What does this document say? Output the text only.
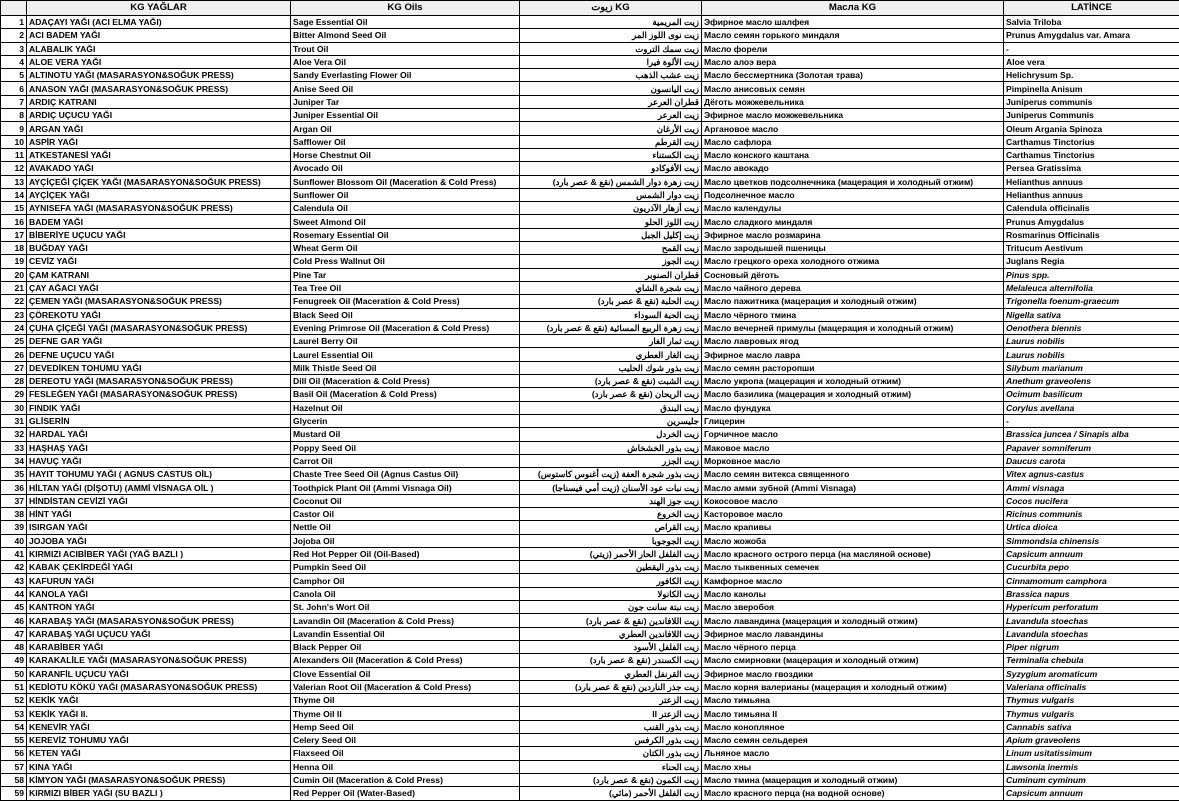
	KG YAĞLAR	KG Oils	زيوت KG	Масла KG	LATİNCE
1	ADAÇAYI YAĞI (ACI ELMA YAĞI)	Sage Essential Oil	زيت المريمية	Эфирное масло шалфея	Salvia Triloba
2	ACI BADEM YAĞI	Bitter Almond Seed Oil	زيت نوى اللوز المر	Масло семян горького миндаля	Prunus Amygdalus var. Amara
3	ALABALIK YAĞI	Trout Oil	زيت سمك التروت	Масло форели	-
4	ALOE VERA YAĞI	Aloe Vera Oil	زيت الألوة فيرا	Масло алоэ вера	Aloe vera
5	ALTINOTU YAĞI (MASARASYON&SOĞUK PRESS)	Sandy Everlasting Flower Oil	زيت عشب الذهب	Масло бессмертника (Золотая трава)	Helichrysum Sp.
6	ANASON YAĞI (MASARASYON&SOĞUK PRESS)	Anise Seed Oil	زيت اليانسون	Масло анисовых семян	Pimpinella Anisum
7	ARDIÇ KATRANI	Juniper Tar	قطران العرعر	Дёготь можжевельника	Juniperus communis
8	ARDIÇ UÇUCU YAĞI	Juniper Essential Oil	زيت العرعر	Эфирное масло можжевельника	Juniperus Communis
9	ARGAN YAĞI	Argan Oil	زيت الأرغان	Аргановое масло	Oleum Argania Spinoza
10	ASPİR YAĞI	Safflower Oil	زيت القرطم	Масло сафлора	Carthamus Tinctorius
11	ATKESTANESİ YAĞI	Horse Chestnut Oil	زيت الكستناء	Масло конского каштана	Carthamus Tinctorius
12	AVAKADO YAĞI	Avocado Oil	زيت الأفوكادو	Масло авокадо	Persea Gratissima
13	AYÇİÇEĞİ ÇİÇEK YAĞI (MASARASYON&SOĞUK PRESS)	Sunflower Blossom Oil (Maceration & Cold Press)	زيت زهرة دوار الشمس (نقع & عصر بارد)	Масло цветков подсолнечника (мацерация и холодный отжим)	Helianthus annuus
14	AYÇİÇEK YAĞI	Sunflower Oil	زيت دوار الشمس	Подсолнечное масло	Helianthus annuus
15	AYNISEFA YAĞI (MASARASYON&SOĞUK PRESS)	Calendula Oil	زيت أزهار الآذريون	Масло календулы	Calendula officinalis
16	BADEM YAĞI	Sweet Almond Oil	زيت اللوز الحلو	Масло сладкого миндаля	Prunus Amygdalus
17	BİBERİYE UÇUCU YAĞI	Rosemary Essential Oil	زيت إكليل الجبل	Эфирное масло розмарина	Rosmarinus Officinalis
18	BUĞDAY YAĞI	Wheat Germ Oil	زيت القمح	Масло зародышей пшеницы	Tritucum Aestivum
19	CEVİZ YAĞI	Cold Press Wallnut Oil	زيت الجوز	Масло грецкого ореха холодного отжима	Juglans Regia
20	ÇAM KATRANI	Pine Tar	قطران الصنوبر	Сосновый дёготь	Pinus spp.
21	ÇAY AĞACI YAĞI	Tea Tree Oil	زيت شجرة الشاي	Масло чайного дерева	Melaleuca alternifolia
22	ÇEMEN YAĞI (MASARASYON&SOĞUK PRESS)	Fenugreek Oil (Maceration & Cold Press)	زيت الحلبة (نقع & عصر بارد)	Масло пажитника (мацерация и холодный отжим)	Trigonella foenum-graecum
23	ÇÖREKOTU YAĞI	Black Seed Oil	زيت الحبة السوداء	Масло чёрного тмина	Nigella sativa
24	ÇUHA ÇİÇEĞİ YAĞI (MASARASYON&SOĞUK PRESS)	Evening Primrose Oil (Maceration & Cold Press)	زيت زهرة الربيع المسائية (نقع & عصر بارد)	Масло вечерней примулы (мацерация и холодный отжим)	Oenothera biennis
25	DEFNE GAR YAĞI	Laurel Berry Oil	زيت ثمار الغار	Масло лавровых ягод	Laurus nobilis
26	DEFNE UÇUCU YAĞI	Laurel Essential Oil	زيت الغار العطري	Эфирное масло лавра	Laurus nobilis
27	DEVEDİKEN TOHUMU YAĞI	Milk Thistle Seed Oil	زيت بذور شوك الحليب	Масло семян расторопши	Silybum marianum
28	DEREOTU YAĞI (MASARASYON&SOĞUK PRESS)	Dill Oil (Maceration & Cold Press)	زيت الشبت (نقع & عصر بارد)	Масло укропа (мацерация и холодный отжим)	Anethum graveolens
29	FESLEĞEN YAĞI (MASARASYON&SOĞUK PRESS)	Basil Oil (Maceration & Cold Press)	زيت الريحان (نقع & عصر بارد)	Масло базилика (мацерация и холодный отжим)	Ocimum basilicum
30	FINDIK YAĞI	Hazelnut Oil	زيت البندق	Масло фундука	Corylus avellana
31	GLİSERİN	Glycerin	جليسرين	Глицерин	-
32	HARDAL YAĞI	Mustard Oil	زيت الخردل	Горчичное масло	Brassica juncea / Sinapis alba
33	HAŞHAŞ YAĞI	Poppy Seed Oil	زيت بذور الخشخاش	Маковое масло	Papaver somniferum
34	HAVUÇ YAĞI	Carrot Oil	زيت الجزر	Морковное масло	Daucus carota
35	HAYIT TOHUMU YAĞI ( AGNUS CASTUS OİL)	Chaste Tree Seed Oil (Agnus Castus Oil)	زيت بذور شجرة العفة (زيت أغنوس كاستوس)	Масло семян витекса священного	Vitex agnus-castus
36	HİLTAN YAĞI (DİŞOTU) (AMMİ VİSNAGA OİL )	Toothpick Plant Oil (Ammi Visnaga Oil)	زيت نبات عود الأسنان (زيت أمي فيسناجا)	Масло амми зубной (Ammi Visnaga)	Ammi visnaga
37	HİNDİSTAN CEVİZİ YAĞI	Coconut Oil	زيت جوز الهند	Кокосовое масло	Cocos nucifera
38	HİNT YAĞI	Castor Oil	زيت الخروع	Касторовое масло	Ricinus communis
39	ISIRGAN YAĞI	Nettle Oil	زيت القراص	Масло крапивы	Urtica dioica
40	JOJOBA YAĞI	Jojoba Oil	زيت الجوجوبا	Масло жожоба	Simmondsia chinensis
41	KIRMIZI ACIBİBER YAĞI (YAĞ BAZLI )	Red Hot Pepper Oil (Oil-Based)	زيت الفلفل الحار الأحمر (زيتي)	Масло красного острого перца (на масляной основе)	Capsicum annuum
42	KABAK ÇEKİRDEĞİ YAĞI	Pumpkin Seed Oil	زيت بذور اليقطين	Масло тыквенных семечек	Cucurbita pepo
43	KAFURUN YAĞI	Camphor Oil	زيت الكافور	Камфорное масло	Cinnamomum camphora
44	KANOLA YAĞI	Canola Oil	زيت الكانولا	Масло канолы	Brassica napus
45	KANTRON YAĞI	St. John's Wort Oil	زيت نبتة سانت جون	Масло зверобоя	Hypericum perforatum
46	KARABAŞ YAĞI (MASARASYON&SOĞUK PRESS)	Lavandin Oil (Maceration & Cold Press)	زيت اللافاندين (نقع & عصر بارد)	Масло лавандина (мацерация и холодный отжим)	Lavandula stoechas
47	KARABAŞ YAĞI UÇUCU YAĞI	Lavandin Essential Oil	زيت اللافاندين العطري	Эфирное масло лавандины	Lavandula stoechas
48	KARABİBER YAĞI	Black Pepper Oil	زيت الفلفل الأسود	Масло чёрного перца	Piper nigrum
49	KARAKALİLE YAĞI (MASARASYON&SOĞUK PRESS)	Alexanders Oil (Maceration & Cold Press)	زيت الكسندر (نقع & عصر بارد)	Масло смирновки (мацерация и холодный отжим)	Terminalia chebula
50	KARANFİL UÇUCU YAĞI	Clove Essential Oil	زيت القرنفل العطري	Эфирное масло гвоздики	Syzygium aromaticum
51	KEDİOTU KÖKÜ YAĞI (MASARASYON&SOĞUK PRESS)	Valerian Root Oil (Maceration & Cold Press)	زيت جذر الناردين (نقع & عصر بارد)	Масло корня валерианы (мацерация и холодный отжим)	Valeriana officinalis
52	KEKİK YAĞI	Thyme Oil	زيت الزعتر	Масло тимьяна	Thymus vulgaris
53	KEKİK YAĞI II.	Thyme Oil II	زيت الزعتر II	Масло тимьяна II	Thymus vulgaris
54	KENEVİR YAĞI	Hemp Seed Oil	زيت بذور القنب	Масло конопляное	Cannabis sativa
55	KEREVİZ TOHUMU YAĞI	Celery Seed Oil	زيت بذور الكرفس	Масло семян сельдерея	Apium graveolens
56	KETEN YAĞI	Flaxseed Oil	زيت بذور الكتان	Льняное масло	Linum usitatissimum
57	KINA YAĞI	Henna Oil	زيت الحناء	Масло хны	Lawsonia inermis
58	KİMYON YAĞI (MASARASYON&SOĞUK PRESS)	Cumin Oil (Maceration & Cold Press)	زيت الكمون (نقع & عصر بارد)	Масло тмина (мацерация и холодный отжим)	Cuminum cyminum
59	KIRMIZI BİBER YAĞI (SU BAZLI )	Red Pepper Oil (Water-Based)	زيت الفلفل الأحمر (مائي)	Масло красного перца (на водной основе)	Capsicum annuum
